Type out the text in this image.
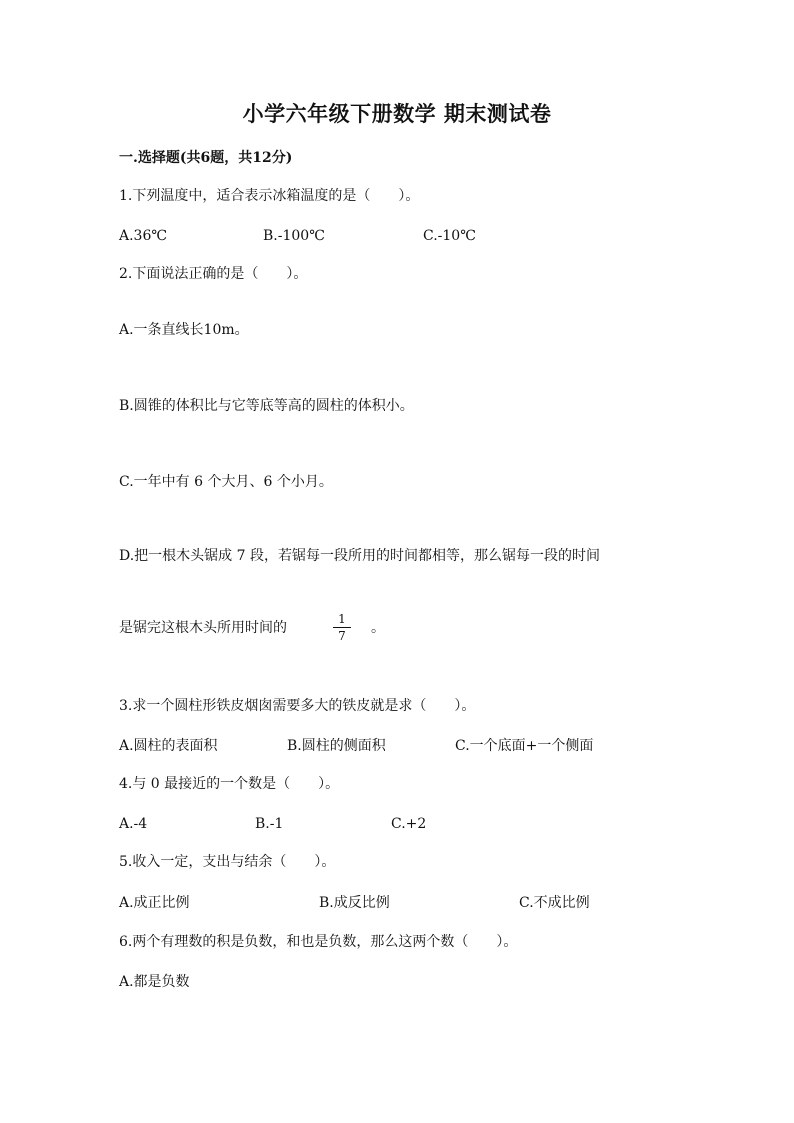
小学六年级下册数学 期末测试卷
一.选择题(共6题，共12分)
1.下列温度中，适合表示冰箱温度的是（　　）。
A.36℃	B.-100℃	C.-10℃
2.下面说法正确的是（　　）。
A.一条直线长10m。
B.圆锥的体积比与它等底等高的圆柱的体积小。
C.一年中有 6 个大月、6 个小月。
D.把一根木头锯成 7 段，若锯每一段所用的时间都相等，那么锯每一段的时间
是锯完这根木头所用时间的	$\frac{1}{7}$ 。
3.求一个圆柱形铁皮烟囱需要多大的铁皮就是求（　　）。
A.圆柱的表面积	B.圆柱的侧面积	C.一个底面+一个侧面
4.与 0 最接近的一个数是（　　）。
A.-4	B.-1	C.+2
5.收入一定，支出与结余（　　）。
A.成正比例	B.成反比例	C.不成比例
6.两个有理数的积是负数，和也是负数，那么这两个数（　　）。
A.都是负数
